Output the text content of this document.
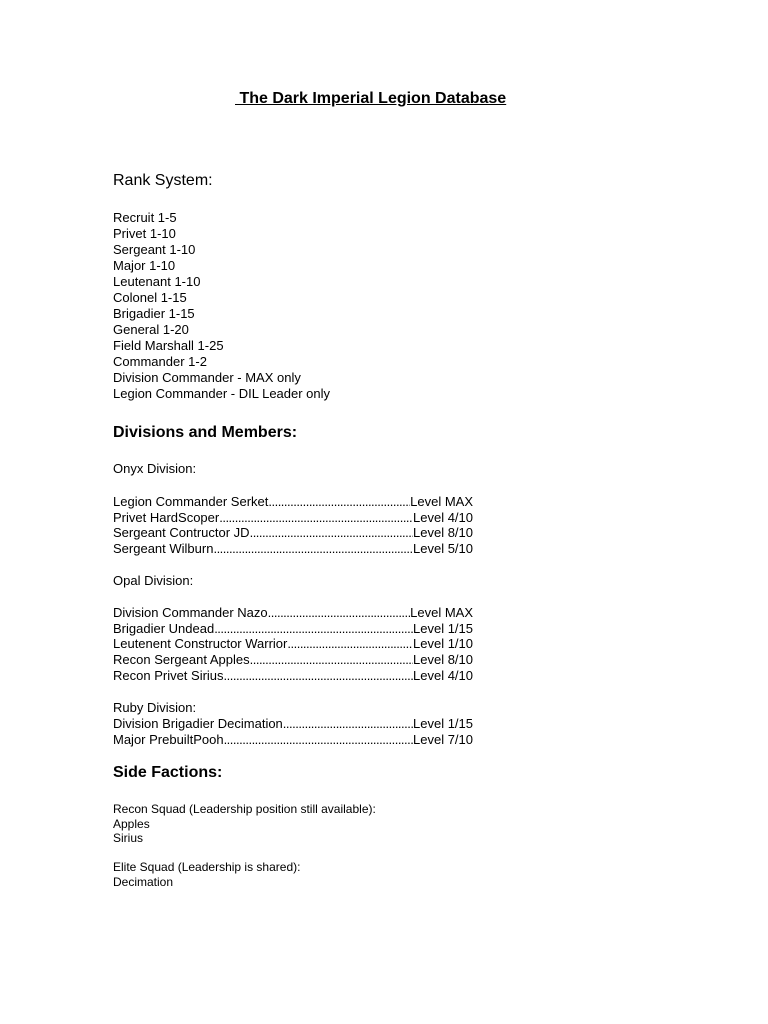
The Dark Imperial Legion Database
Rank System:
Recruit 1-5
Privet 1-10
Sergeant 1-10
Major 1-10
Leutenant 1-10
Colonel 1-15
Brigadier 1-15
General 1-20
Field Marshall 1-25
Commander 1-2
Division Commander - MAX only
Legion Commander - DIL Leader only
Divisions and Members:
Onyx Division:
Legion Commander Serket .....	Level MAX
Privet HardScoper .....	Level 4/10
Sergeant Contructor JD .....	Level 8/10
Sergeant Wilburn .....	Level 5/10
Opal Division:
Division Commander Nazo .....	Level MAX
Brigadier Undead .....	Level 1/15
Leutenent Constructor Warrior .....	Level 1/10
Recon Sergeant Apples .....	Level 8/10
Recon Privet Sirius .....	Level 4/10
Ruby Division:
Division Brigadier Decimation .....	Level 1/15
Major PrebuiltPooh .....	Level 7/10
Side Factions:
Recon Squad (Leadership position still available):
Apples
Sirius
Elite Squad (Leadership is shared):
Decimation
